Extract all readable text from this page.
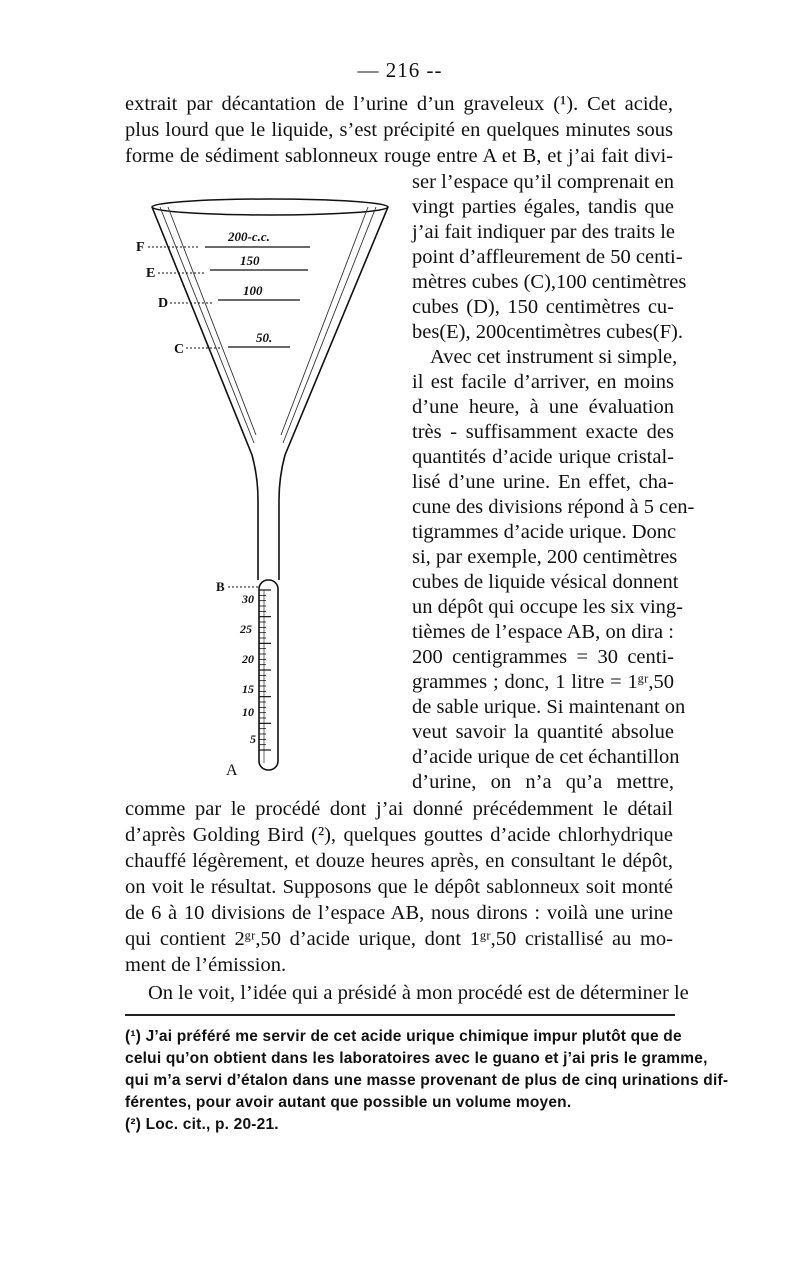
— 216 --
extrait par décantation de l’urine d’un graveleux (¹). Cet acide,
plus lourd que le liquide, s’est précipité en quelques minutes sous
forme de sédiment sablonneux rouge entre A et B, et j’ai fait divi-
ser l’espace qu’il comprenait en
vingt parties égales, tandis que
j’ai fait indiquer par des traits le
point d’affleurement de 50 centi-
mètres cubes (C),100 centimètres
cubes (D), 150 centimètres cu-
bes(E), 200centimètres cubes(F).
Avec cet instrument si simple,
il est facile d’arriver, en moins
d’une heure, à une évaluation
très - suffisamment exacte des
quantités d’acide urique cristal-
lisé d’une urine. En effet, cha-
cune des divisions répond à 5 cen-
tigrammes d’acide urique. Donc
si, par exemple, 200 centimètres
cubes de liquide vésical donnent
un dépôt qui occupe les six ving-
tièmes de l’espace AB, on dira :
200 centigrammes = 30 centi-
grammes ; donc, 1 litre = 1ᵍʳ,50
de sable urique. Si maintenant on
veut savoir la quantité absolue
d’acide urique de cet échantillon
d’urine, on n’a qu’a mettre,
comme par le procédé dont j’ai donné précédemment le détail
d’après Golding Bird (²), quelques gouttes d’acide chlorhydrique
chauffé légèrement, et douze heures après, en consultant le dépôt,
on voit le résultat. Supposons que le dépôt sablonneux soit monté
de 6 à 10 divisions de l’espace AB, nous dirons : voilà une urine
qui contient 2ᵍʳ,50 d’acide urique, dont 1ᵍʳ,50 cristallisé au mo-
ment de l’émission.
On le voit, l’idée qui a présidé à mon procédé est de déterminer le
(¹) J’ai préféré me servir de cet acide urique chimique impur plutôt que de
celui qu’on obtient dans les laboratoires avec le guano et j’ai pris le gramme,
qui m’a servi d’étalon dans une masse provenant de plus de cinq urinations dif-
férentes, pour avoir autant que possible un volume moyen.
(²) Loc. cit., p. 20-21.
200-c.c.
150
100
50.
F
E
D
C
B
A
30
25
20
15
10
5
